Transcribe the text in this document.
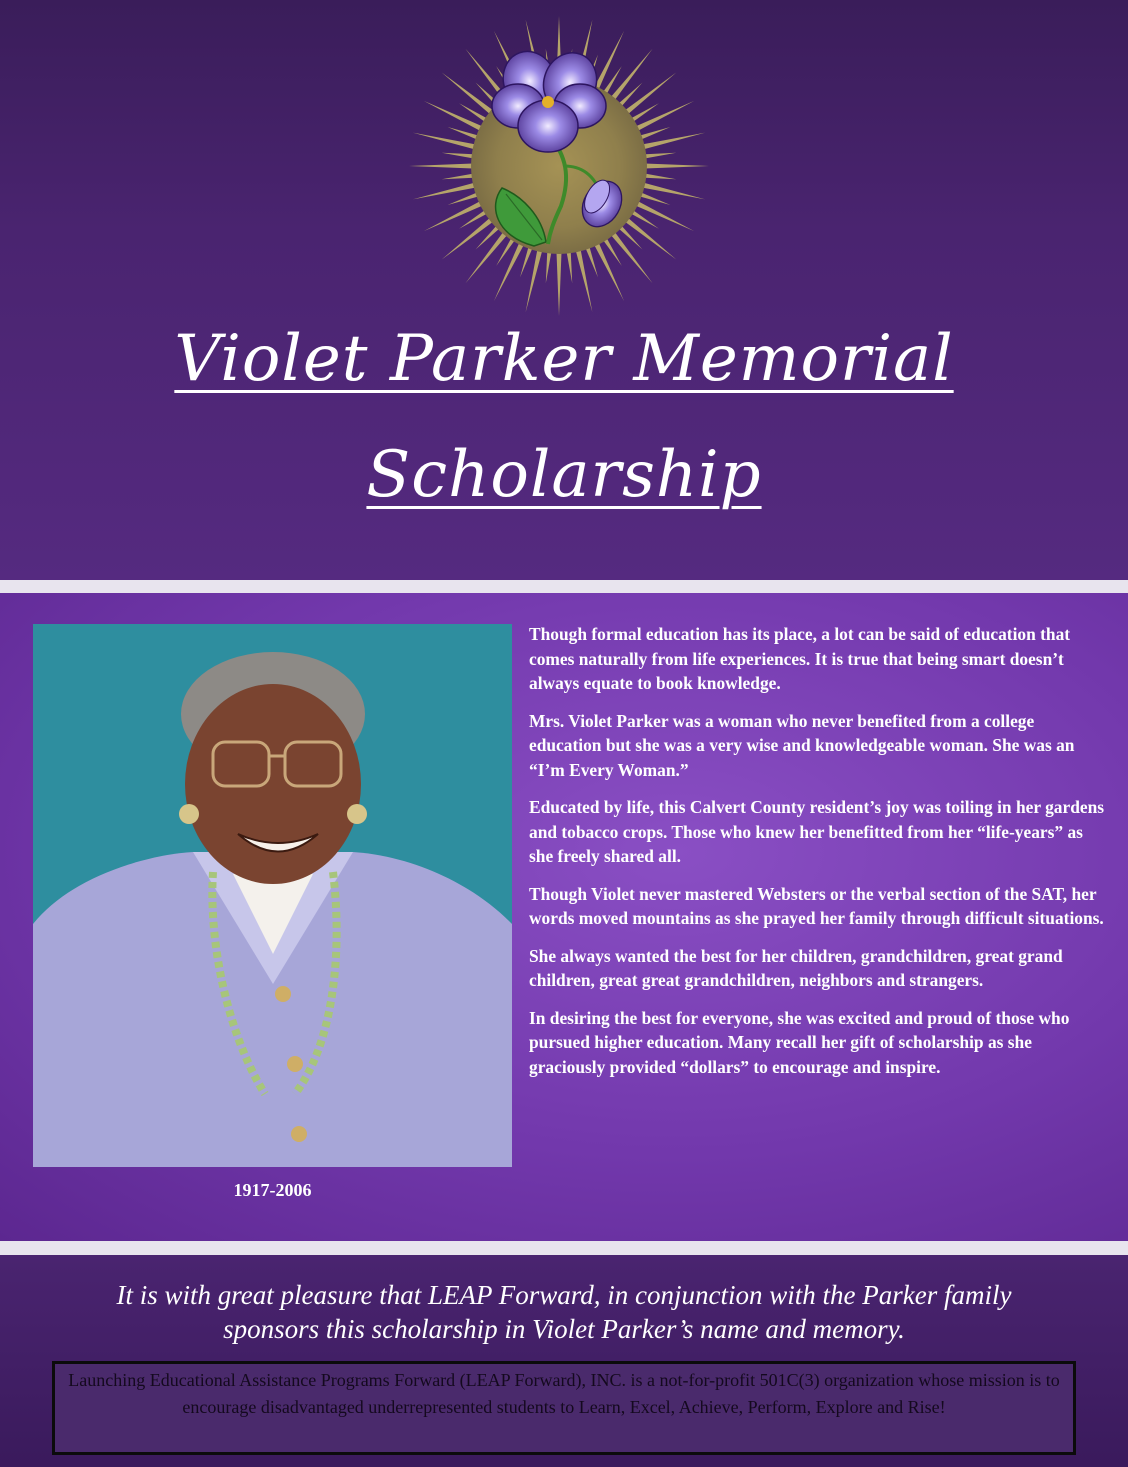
Violet Parker Memorial
Scholarship
1917-2006

Though formal education has its place, a lot can be said of education that comes naturally from life experiences. It is true that being smart doesn’t always equate to book knowledge.

Mrs. Violet Parker was a woman who never benefited from a college education but she was a very wise and knowledgeable woman. She was an “I’m Every Woman.”

Educated by life, this Calvert County resident’s joy was toiling in her gardens and tobacco crops. Those who knew her benefitted from her “life-years” as she freely shared all.

Though Violet never mastered Websters or the verbal section of the SAT, her words moved mountains as she prayed her family through difficult situations.

She always wanted the best for her children, grandchildren, great grand children, great great grandchildren, neighbors and strangers.

In desiring the best for everyone, she was excited and proud of those who pursued higher education. Many recall her gift of scholarship as she graciously provided “dollars” to encourage and inspire.

It is with great pleasure that LEAP Forward, in conjunction with the Parker family
sponsors this scholarship in Violet Parker’s name and memory.
Launching Educational Assistance Programs Forward (LEAP Forward), INC. is a not-for-profit 501C(3) organization whose mission is to encourage disadvantaged underrepresented students to Learn, Excel, Achieve, Perform, Explore and Rise!
